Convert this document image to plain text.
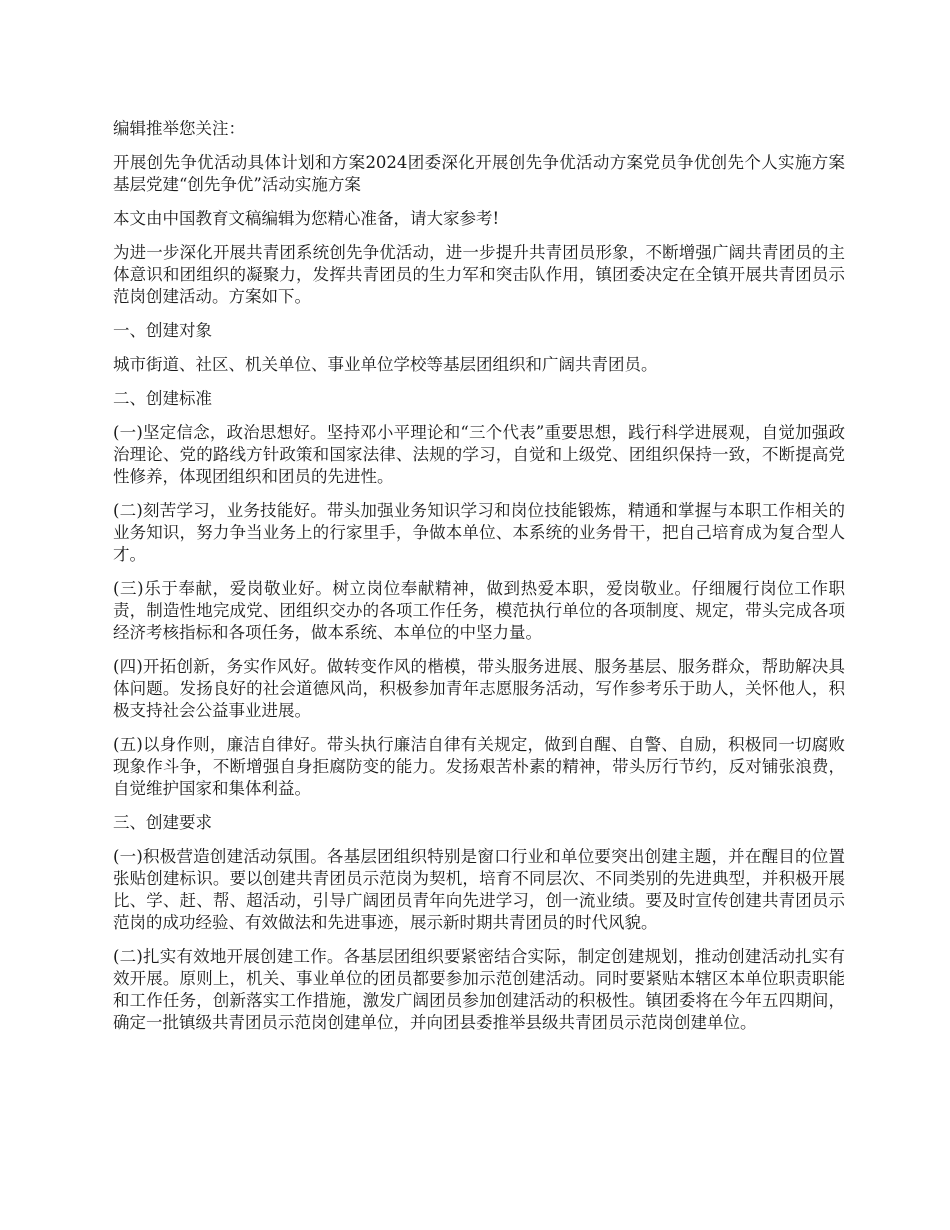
编辑推举您关注：

开展创先争优活动具体计划和方案2024团委深化开展创先争优活动方案党员争优创先个人实施方案基层党建“创先争优”活动实施方案

本文由中国教育文稿编辑为您精心准备，请大家参考!

为进一步深化开展共青团系统创先争优活动，进一步提升共青团员形象，不断增强广阔共青团员的主体意识和团组织的凝聚力，发挥共青团员的生力军和突击队作用，镇团委决定在全镇开展共青团员示范岗创建活动。方案如下。

一、创建对象

城市街道、社区、机关单位、事业单位学校等基层团组织和广阔共青团员。

二、创建标准

(一)坚定信念，政治思想好。坚持邓小平理论和“三个代表”重要思想，践行科学进展观，自觉加强政治理论、党的路线方针政策和国家法律、法规的学习，自觉和上级党、团组织保持一致，不断提高党性修养，体现团组织和团员的先进性。

(二)刻苦学习，业务技能好。带头加强业务知识学习和岗位技能锻炼，精通和掌握与本职工作相关的业务知识，努力争当业务上的行家里手，争做本单位、本系统的业务骨干，把自己培育成为复合型人才。

(三)乐于奉献，爱岗敬业好。树立岗位奉献精神，做到热爱本职，爱岗敬业。仔细履行岗位工作职责，制造性地完成党、团组织交办的各项工作任务，模范执行单位的各项制度、规定，带头完成各项经济考核指标和各项任务，做本系统、本单位的中坚力量。

(四)开拓创新，务实作风好。做转变作风的楷模，带头服务进展、服务基层、服务群众，帮助解决具体问题。发扬良好的社会道德风尚，积极参加青年志愿服务活动，写作参考乐于助人，关怀他人，积极支持社会公益事业进展。

(五)以身作则，廉洁自律好。带头执行廉洁自律有关规定，做到自醒、自警、自励，积极同一切腐败现象作斗争，不断增强自身拒腐防变的能力。发扬艰苦朴素的精神，带头厉行节约，反对铺张浪费，自觉维护国家和集体利益。

三、创建要求

(一)积极营造创建活动氛围。各基层团组织特别是窗口行业和单位要突出创建主题，并在醒目的位置张贴创建标识。要以创建共青团员示范岗为契机，培育不同层次、不同类别的先进典型，并积极开展比、学、赶、帮、超活动，引导广阔团员青年向先进学习，创一流业绩。要及时宣传创建共青团员示范岗的成功经验、有效做法和先进事迹，展示新时期共青团员的时代风貌。

(二)扎实有效地开展创建工作。各基层团组织要紧密结合实际，制定创建规划，推动创建活动扎实有效开展。原则上，机关、事业单位的团员都要参加示范创建活动。同时要紧贴本辖区本单位职责职能和工作任务，创新落实工作措施，激发广阔团员参加创建活动的积极性。镇团委将在今年五四期间，确定一批镇级共青团员示范岗创建单位，并向团县委推举县级共青团员示范岗创建单位。
